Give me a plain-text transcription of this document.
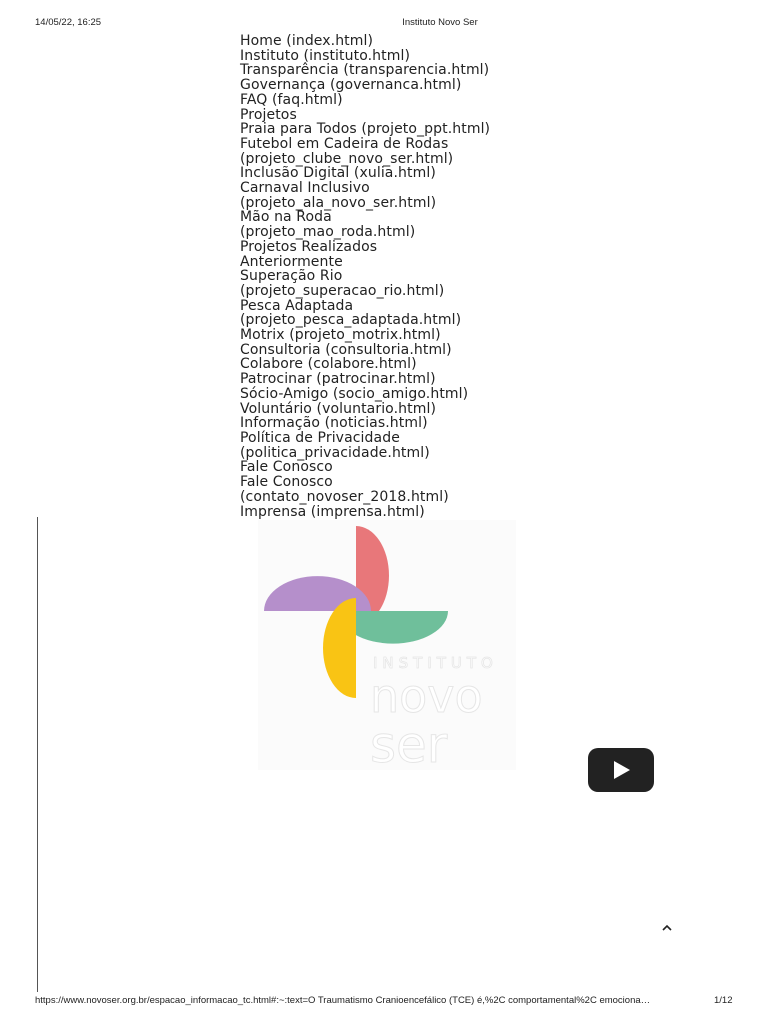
14/05/22, 16:25	Instituto Novo Ser
Home (index.html)
Instituto (instituto.html)
Transparência (transparencia.html)
Governança (governanca.html)
FAQ (faq.html)
Projetos
Praia para Todos (projeto_ppt.html)
Futebol em Cadeira de Rodas
(projeto_clube_novo_ser.html)
Inclusão Digital (xulia.html)
Carnaval Inclusivo
(projeto_ala_novo_ser.html)
Mão na Roda
(projeto_mao_roda.html)
Projetos Realizados
Anteriormente
Superação Rio
(projeto_superacao_rio.html)
Pesca Adaptada
(projeto_pesca_adaptada.html)
Motrix (projeto_motrix.html)
Consultoria (consultoria.html)
Colabore (colabore.html)
Patrocinar (patrocinar.html)
Sócio-Amigo (socio_amigo.html)
Voluntário (voluntario.html)
Informação (noticias.html)
Política de Privacidade
(politica_privacidade.html)
Fale Conosco
Fale Conosco
(contato_novoser_2018.html)
Imprensa (imprensa.html)
INSTITUTO
novo
ser
https://www.novoser.org.br/espacao_informacao_tc.html#:~:text=O Traumatismo Cranioencefálico (TCE) é,%2C comportamental%2C emociona…	1/12
